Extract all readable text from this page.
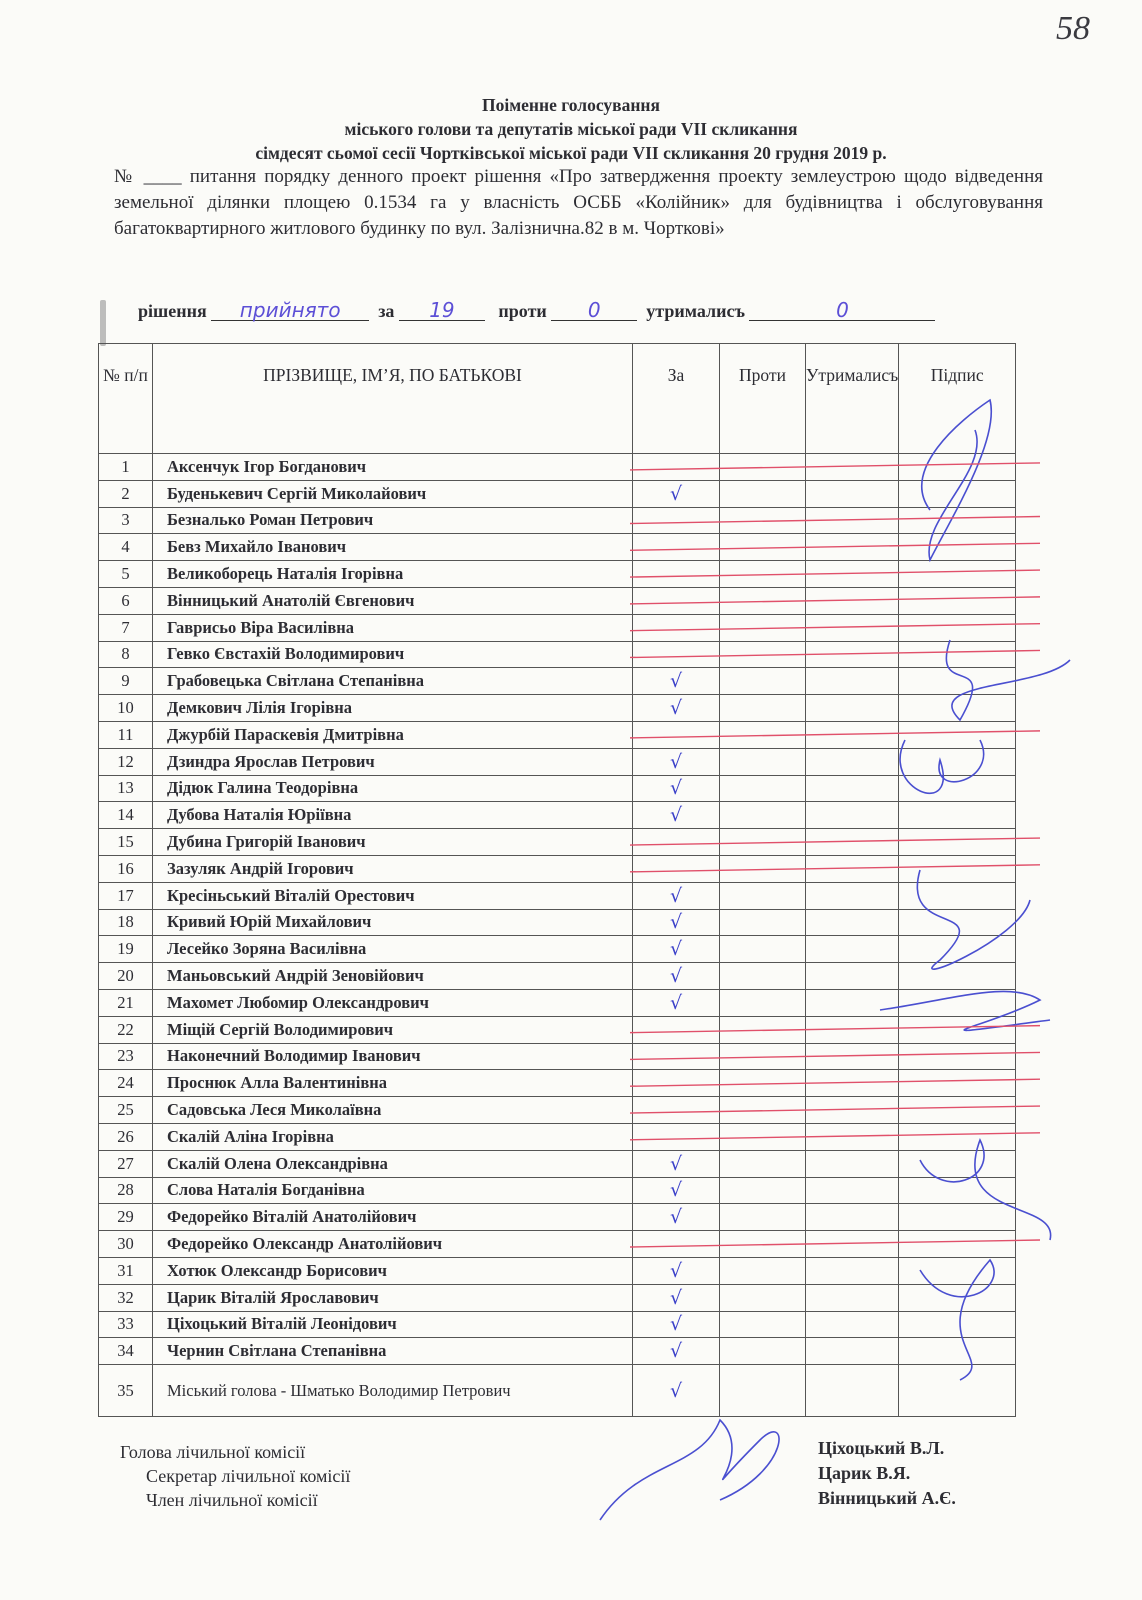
58
Поіменне голосування
міського голови та депутатів міської ради VII скликання
сімдесят сьомої сесії Чортківської міської ради VII скликання 20 грудня 2019 р.
№ ____ питання порядку денного проект рішення «Про затвердження проекту землеустрою щодо відведення земельної ділянки площею 0.1534 га у власність ОСББ «Колійник» для будівництва і обслуговування багатоквартирного житлового будинку по вул. Залізнична.82 в м. Чорткові»
рішення прийнято за 19 проти 0	утрималисъ	0
№ п/п	ПРІЗВИЩЕ, ІМ’Я, ПО БАТЬКОВІ	За	Проти	Утрималисъ	Підпис
1	Аксенчук Ігор Богданович				
2	Буденькевич Сергій Миколайович	√			
3	Безналько Роман Петрович				
4	Бевз Михайло Іванович				
5	Великоборець Наталія Ігорівна				
6	Вінницький Анатолій Євгенович				
7	Гаврисьо Віра Василівна				
8	Гевко Євстахій Володимирович				
9	Грабовецька Світлана Степанівна	√			
10	Демкович Лілія Ігорівна	√			
11	Джурбій Параскевія Дмитрівна				
12	Дзиндра Ярослав Петрович	√			
13	Дідюк Галина Теодорівна	√			
14	Дубова Наталія Юріївна	√			
15	Дубина Григорій Іванович				
16	Зазуляк Андрій Ігорович				
17	Кресіньський Віталій Орестович	√			
18	Кривий Юрій Михайлович	√			
19	Лесейко Зоряна Василівна	√			
20	Маньовський Андрій Зеновійович	√			
21	Махомет Любомир Олександрович	√			
22	Міщій Сергій Володимирович				
23	Наконечний Володимир Іванович				
24	Проснюк Алла Валентинівна				
25	Садовська Леся Миколаївна				
26	Скалій Аліна Ігорівна				
27	Скалій Олена Олександрівна	√			
28	Слова Наталія Богданівна	√			
29	Федорейко Віталій Анатолійович	√			
30	Федорейко Олександр Анатолійович				
31	Хотюк Олександр Борисович	√			
32	Царик Віталій Ярославович	√			
33	Ціхоцький Віталій Леонідович	√			
34	Чернин Світлана Степанівна	√			
35	Міський голова - Шматько Володимир Петрович	√			
Голова лічильної комісії
Секретар лічильної комісії
Член лічильної комісії
Ціхоцький В.Л.
Царик В.Я.
Вінницький А.Є.
